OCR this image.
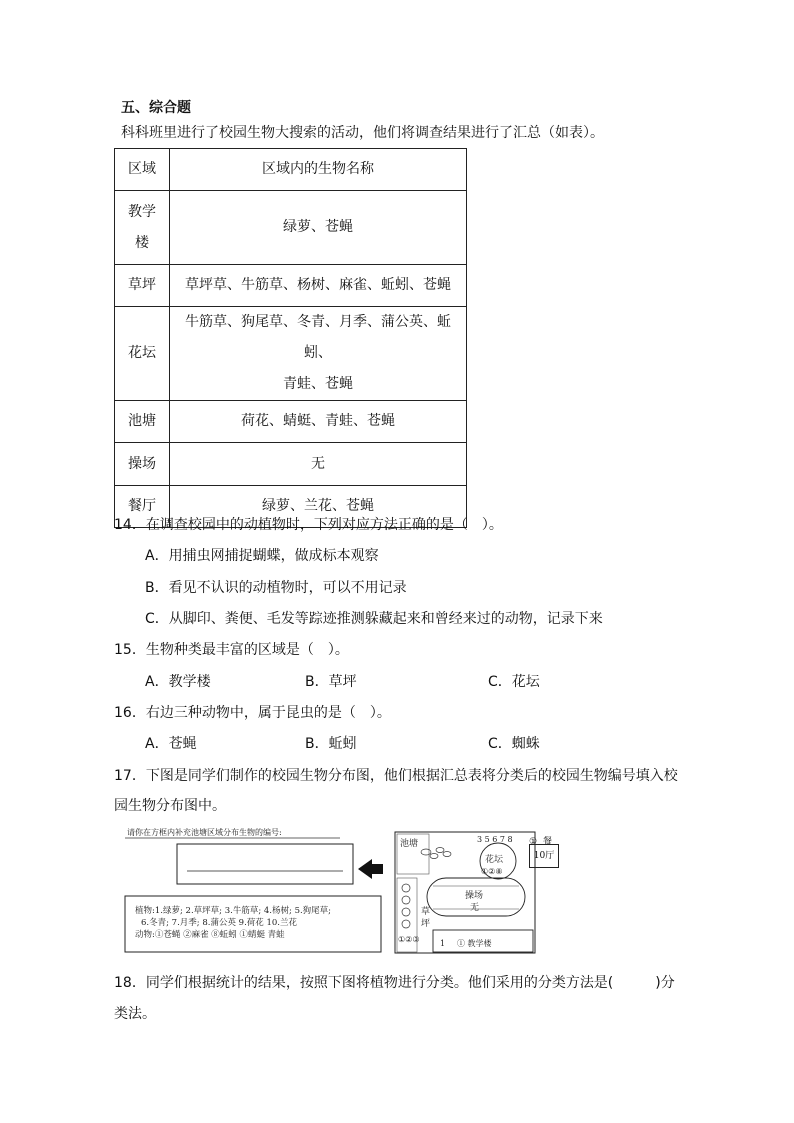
五、综合题
科科班里进行了校园生物大搜索的活动，他们将调查结果进行了汇总（如表）。
区域	区域内的生物名称

教学
楼	绿萝、苍蝇

草坪	草坪草、牛筋草、杨树、麻雀、蚯蚓、苍蝇

花坛	牛筋草、狗尾草、冬青、月季、蒲公英、蚯蚓、
青蛙、苍蝇

池塘	荷花、蜻蜓、青蛙、苍蝇

操场	无

餐厅	绿萝、兰花、苍蝇
14．在调查校园中的动植物时，下列对应方法正确的是（　）。
A．用捕虫网捕捉蝴蝶，做成标本观察
B．看见不认识的动植物时，可以不用记录
C．从脚印、粪便、毛发等踪迹推测躲藏起来和曾经来过的动物，记录下来
15．生物种类最丰富的区域是（　）。
A．教学楼	B．草坪	C．花坛
16．右边三种动物中，属于昆虫的是（　）。
A．苍蝇	B．蚯蚓	C．蜘蛛
17．下图是同学们制作的校园生物分布图，他们根据汇总表将分类后的校园生物编号填入校
园生物分布图中。
请你在方框内补充池塘区域分布生物的编号:
植物:1.绿萝; 2.草坪草; 3.牛筋草; 4.杨树; 5.狗尾草;
6.冬青; 7.月季; 8.蒲公英 9.荷花 10.兰花
动物:①苍蝇 ②麻雀 ⑧蚯蚓 ①蜻蜓 青蛙
池塘	3 5 6 7 8
花坛
①②⑧
① 餐
操场
无
草
坪
①②③	1 ① 教学楼
10厅
18．同学们根据统计的结果，按照下图将植物进行分类。他们采用的分类方法是(　　　)分
类法。
